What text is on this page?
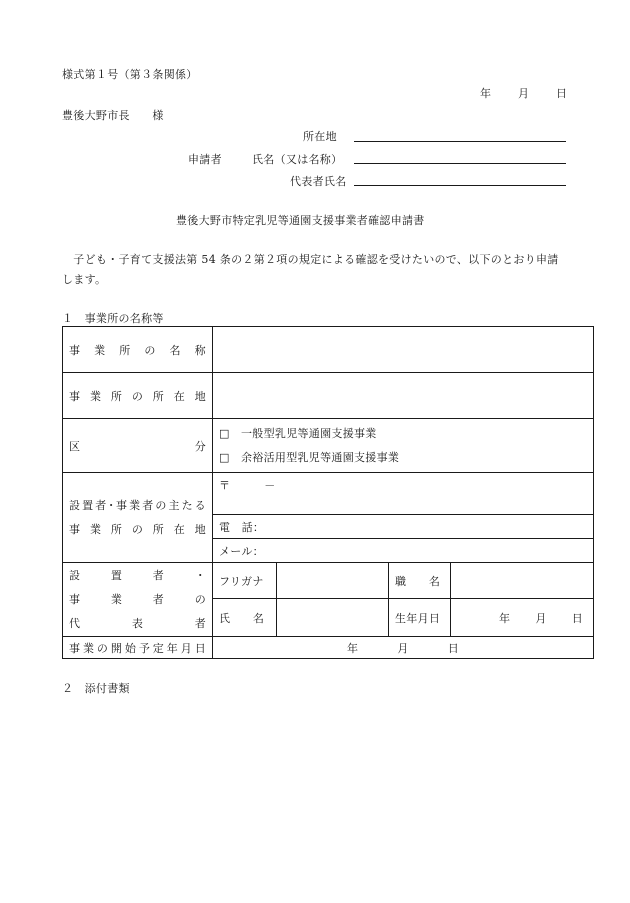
様式第１号（第３条関係）
年 月 日
豊後大野市長　　様
所在地
申請者	氏名（又は名称）
代表者氏名
豊後大野市特定乳児等通園支援事業者確認申請書
　子ども・子育て支援法第 54 条の２第２項の規定による確認を受けたいので、以下のとおり申請します。
１　事業所の名称等
事業所の名称				
事業所の所在地				
区 分	□ 一般型乳児等通園支援事業
□ 余裕活用型乳児等通園支援事業			

設置者･事業者の主たる
事業所の所在地	〒　　　－			
	電　話：			
	メール：			

設置者・
事業者の
代表者	フリガナ		職　　名	
	氏　　名		生年月日	年 月 日

事業の開始予定年月日	年 月 日			
２　添付書類
